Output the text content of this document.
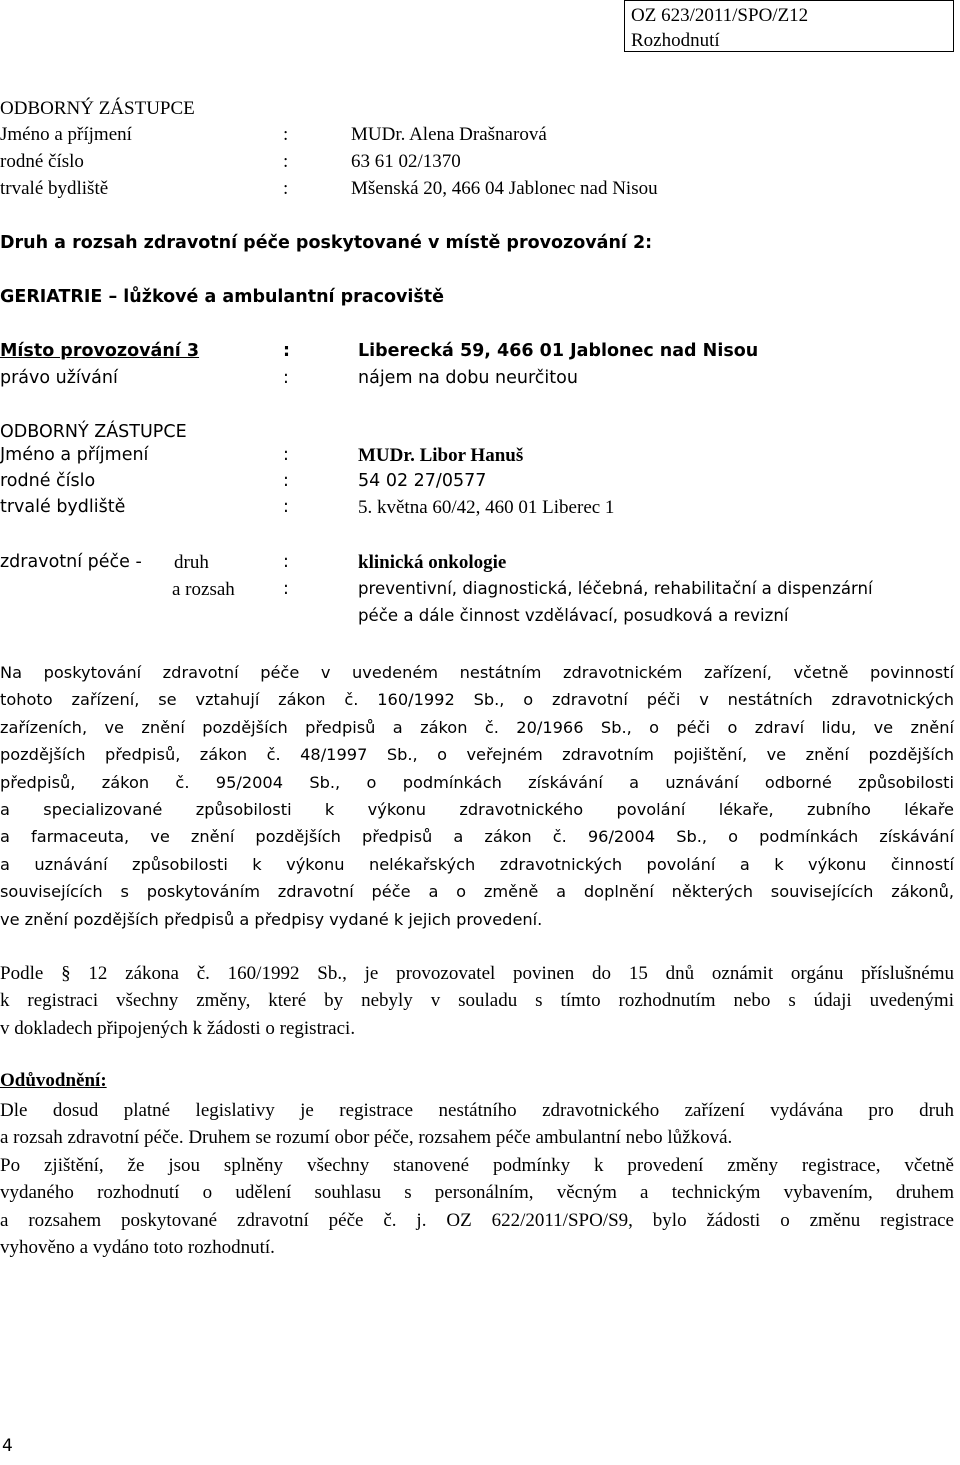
OZ 623/2011/SPO/Z12
Rozhodnutí
ODBORNÝ ZÁSTUPCE
Jméno a příjmení	:	MUDr. Alena Drašnarová
rodné číslo	:	63 61 02/1370
trvalé bydliště	:	Mšenská 20, 466 04 Jablonec nad Nisou
Druh a rozsah zdravotní péče poskytované v místě provozování 2:
GERIATRIE – lůžkové a ambulantní pracoviště
Místo provozování 3	:	Liberecká 59, 466 01 Jablonec nad Nisou
právo užívání	:	nájem na dobu neurčitou
ODBORNÝ ZÁSTUPCE
Jméno a příjmení	:	MUDr. Libor Hanuš
rodné číslo	:	54 02 27/0577
trvalé bydliště	:	5. května 60/42, 460 01 Liberec 1
zdravotní péče - druh	:	klinická onkologie
a rozsah	:	preventivní, diagnostická, léčebná, rehabilitační a dispenzární
péče a dále činnost vzdělávací, posudková a revizní
Na poskytování zdravotní péče v uvedeném nestátním zdravotnickém zařízení, včetně povinností
tohoto zařízení, se vztahují zákon č. 160/1992 Sb., o zdravotní péči v nestátních zdravotnických
zařízeních, ve znění pozdějších předpisů a zákon č. 20/1966 Sb., o péči o zdraví lidu, ve znění
pozdějších předpisů, zákon č. 48/1997 Sb., o veřejném zdravotním pojištění, ve znění pozdějších
předpisů, zákon č. 95/2004 Sb., o podmínkách získávání a uznávání odborné způsobilosti
a specializované způsobilosti k výkonu zdravotnického povolání lékaře, zubního lékaře
a farmaceuta, ve znění pozdějších předpisů a zákon č. 96/2004 Sb., o podmínkách získávání
a uznávání způsobilosti k výkonu nelékařských zdravotnických povolání a k výkonu činností
souvisejících s poskytováním zdravotní péče a o změně a doplnění některých souvisejících zákonů,
ve znění pozdějších předpisů a předpisy vydané k jejich provedení.
Podle § 12 zákona č. 160/1992 Sb., je provozovatel povinen do 15 dnů oznámit orgánu příslušnému
k registraci všechny změny, které by nebyly v souladu s tímto rozhodnutím nebo s údaji uvedenými
v dokladech připojených k žádosti o registraci.
Odůvodnění:
Dle dosud platné legislativy je registrace nestátního zdravotnického zařízení vydávána pro druh
a rozsah zdravotní péče. Druhem se rozumí obor péče, rozsahem péče ambulantní nebo lůžková.
Po zjištění, že jsou splněny všechny stanovené podmínky k provedení změny registrace, včetně
vydaného rozhodnutí o udělení souhlasu s personálním, věcným a technickým vybavením, druhem
a rozsahem poskytované zdravotní péče č. j. OZ 622/2011/SPO/S9, bylo žádosti o změnu registrace
vyhověno a vydáno toto rozhodnutí.
4
